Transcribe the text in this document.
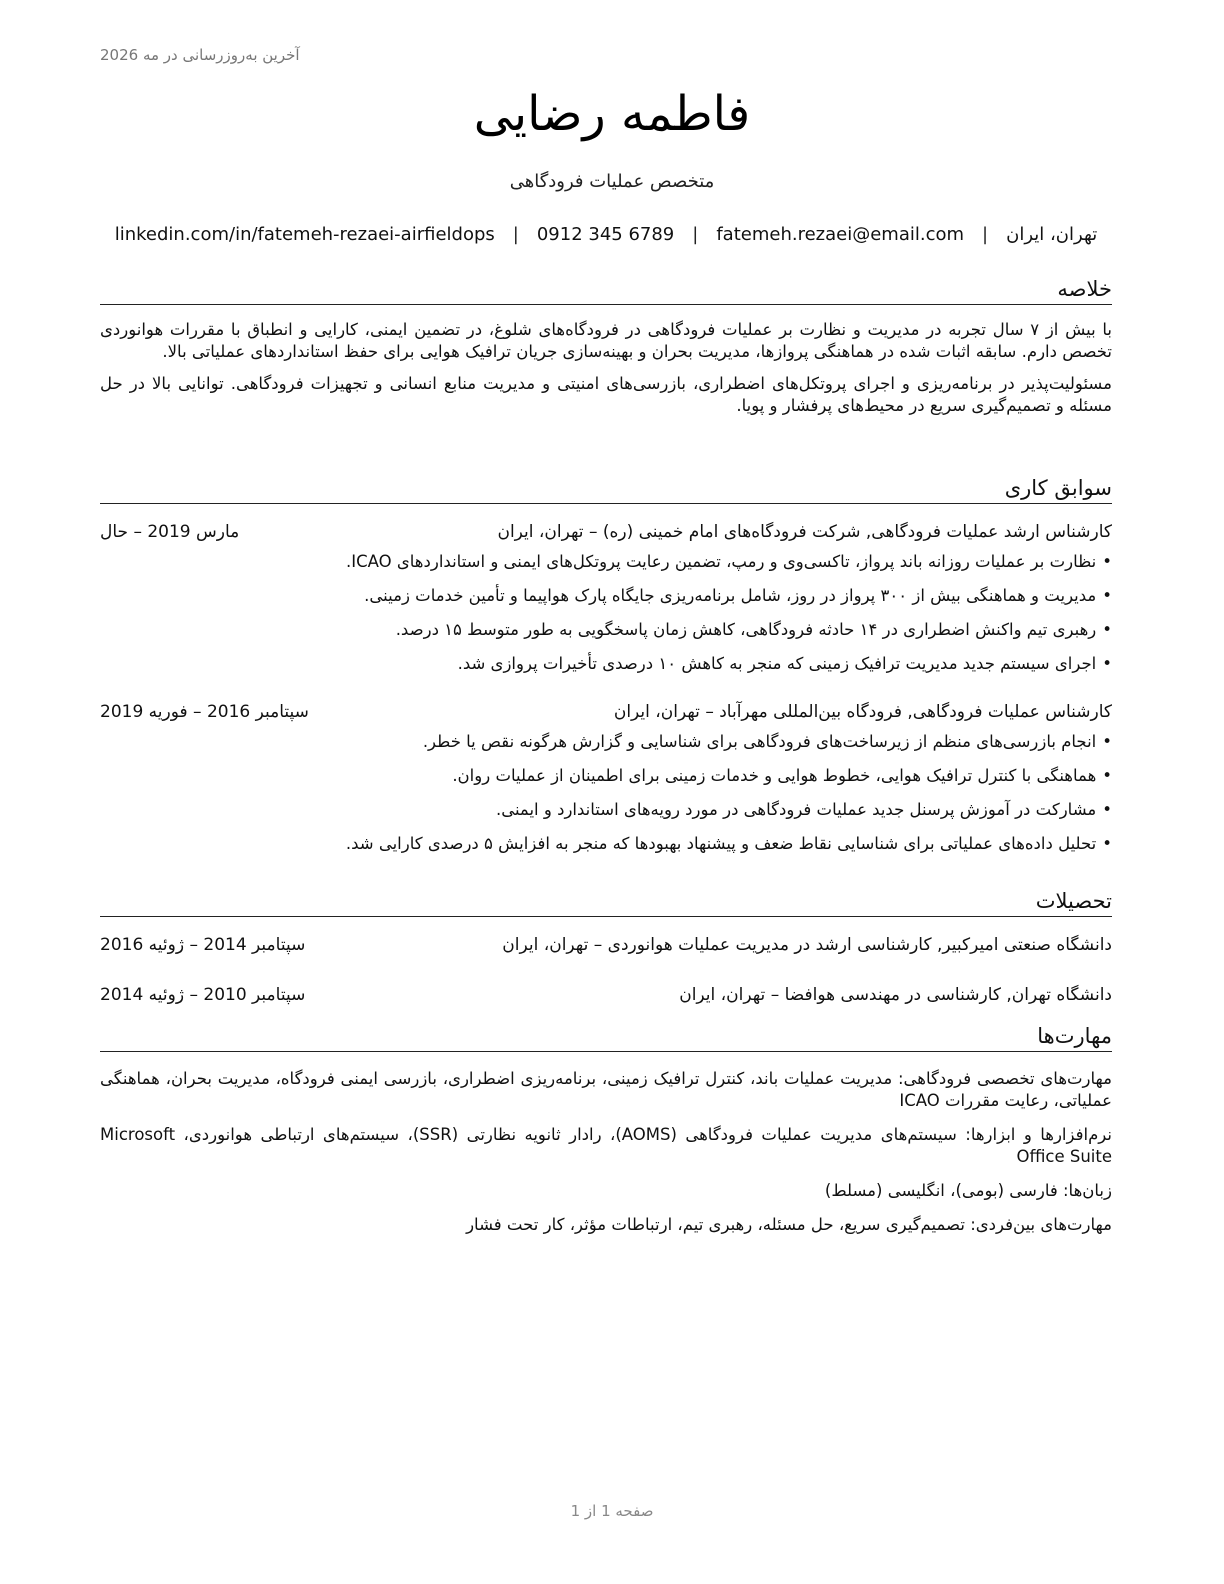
آخرین به‌روزرسانی در مه 2026
فاطمه رضایی
متخصص عملیات فرودگاهی
تهران، ایران
|
fatemeh.rezaei@email.com
|
0912 345 6789
|
linkedin.com/in/fatemeh-rezaei-airfieldops
خلاصه

با بیش از ۷ سال تجربه در مدیریت و نظارت بر عملیات فرودگاهی در فرودگاه‌های شلوغ، در تضمین ایمنی، کارایی و انطباق با مقررات هوانوردی تخصص دارم. سابقه اثبات شده در هماهنگی پروازها، مدیریت بحران و بهینه‌سازی جریان ترافیک هوایی برای حفظ استانداردهای عملیاتی بالا.

مسئولیت‌پذیر در برنامه‌ریزی و اجرای پروتکل‌های اضطراری، بازرسی‌های امنیتی و مدیریت منابع انسانی و تجهیزات فرودگاهی. توانایی بالا در حل مسئله و تصمیم‌گیری سریع در محیط‌های پرفشار و پویا.

سوابق کاری
کارشناس ارشد عملیات فرودگاهی, شرکت فرودگاه‌های امام خمینی (ره) – تهران، ایران
مارس 2019 – حال
•نظارت بر عملیات روزانه باند پرواز، تاکسی‌وی و رمپ، تضمین رعایت پروتکل‌های ایمنی و استانداردهای ICAO.
•مدیریت و هماهنگی بیش از ۳۰۰ پرواز در روز، شامل برنامه‌ریزی جایگاه پارک هواپیما و تأمین خدمات زمینی.
•رهبری تیم واکنش اضطراری در ۱۴ حادثه فرودگاهی، کاهش زمان پاسخگویی به طور متوسط ۱۵ درصد.
•اجرای سیستم جدید مدیریت ترافیک زمینی که منجر به کاهش ۱۰ درصدی تأخیرات پروازی شد.
کارشناس عملیات فرودگاهی, فرودگاه بین‌المللی مهرآباد – تهران، ایران
سپتامبر 2016 – فوریه 2019
•انجام بازرسی‌های منظم از زیرساخت‌های فرودگاهی برای شناسایی و گزارش هرگونه نقص یا خطر.
•هماهنگی با کنترل ترافیک هوایی، خطوط هوایی و خدمات زمینی برای اطمینان از عملیات روان.
•مشارکت در آموزش پرسنل جدید عملیات فرودگاهی در مورد رویه‌های استاندارد و ایمنی.
•تحلیل داده‌های عملیاتی برای شناسایی نقاط ضعف و پیشنهاد بهبودها که منجر به افزایش ۵ درصدی کارایی شد.
تحصیلات
دانشگاه صنعتی امیرکبیر, کارشناسی ارشد در مدیریت عملیات هوانوردی – تهران، ایران
سپتامبر 2014 – ژوئیه 2016
دانشگاه تهران, کارشناسی در مهندسی هوافضا – تهران، ایران
سپتامبر 2010 – ژوئیه 2014
مهارت‌ها

مهارت‌های تخصصی فرودگاهی: مدیریت عملیات باند، کنترل ترافیک زمینی، برنامه‌ریزی اضطراری، بازرسی ایمنی فرودگاه، مدیریت بحران، هماهنگی عملیاتی، رعایت مقررات ICAO

نرم‌افزارها و ابزارها: سیستم‌های مدیریت عملیات فرودگاهی (AOMS)، رادار ثانویه نظارتی (SSR)، سیستم‌های ارتباطی هوانوردی، Microsoft Office Suite

زبان‌ها: فارسی (بومی)، انگلیسی (مسلط)

مهارت‌های بین‌فردی: تصمیم‌گیری سریع، حل مسئله، رهبری تیم، ارتباطات مؤثر، کار تحت فشار

صفحه 1 از 1
